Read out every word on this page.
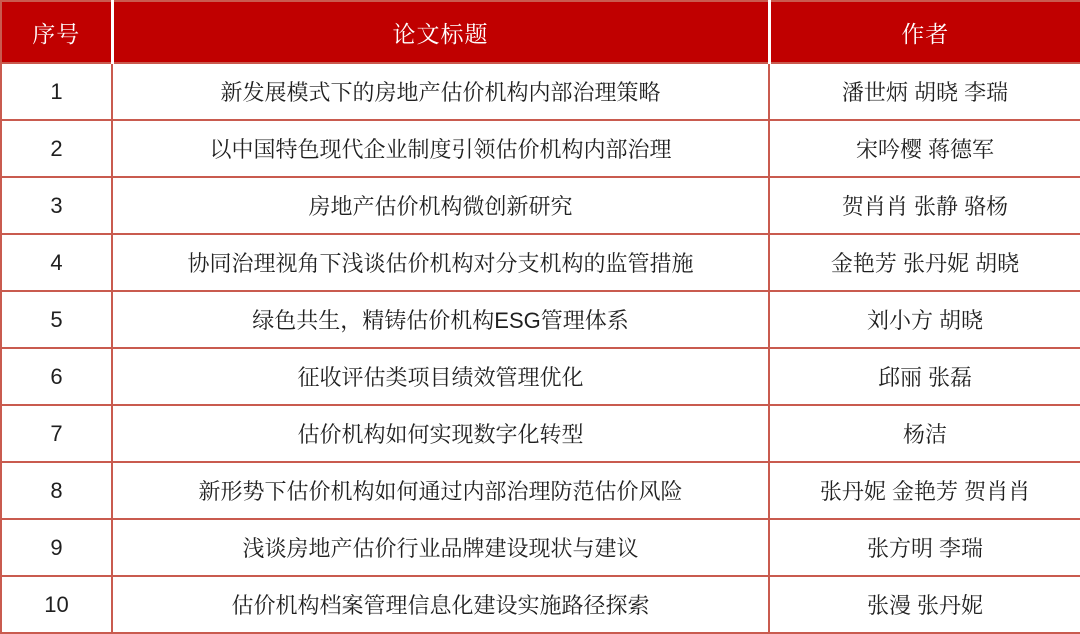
序号	论文标题	作者
1	新发展模式下的房地产估价机构内部治理策略	潘世炳 胡晓 李瑞
2	以中国特色现代企业制度引领估价机构内部治理	宋吟樱 蒋德军
3	房地产估价机构微创新研究	贺肖肖 张静 骆杨
4	协同治理视角下浅谈估价机构对分支机构的监管措施	金艳芳 张丹妮 胡晓
5	绿色共生，精铸估价机构ESG管理体系	刘小方 胡晓
6	征收评估类项目绩效管理优化	邱丽 张磊
7	估价机构如何实现数字化转型	杨洁
8	新形势下估价机构如何通过内部治理防范估价风险	张丹妮 金艳芳 贺肖肖
9	浅谈房地产估价行业品牌建设现状与建议	张方明 李瑞
10	估价机构档案管理信息化建设实施路径探索	张漫 张丹妮
